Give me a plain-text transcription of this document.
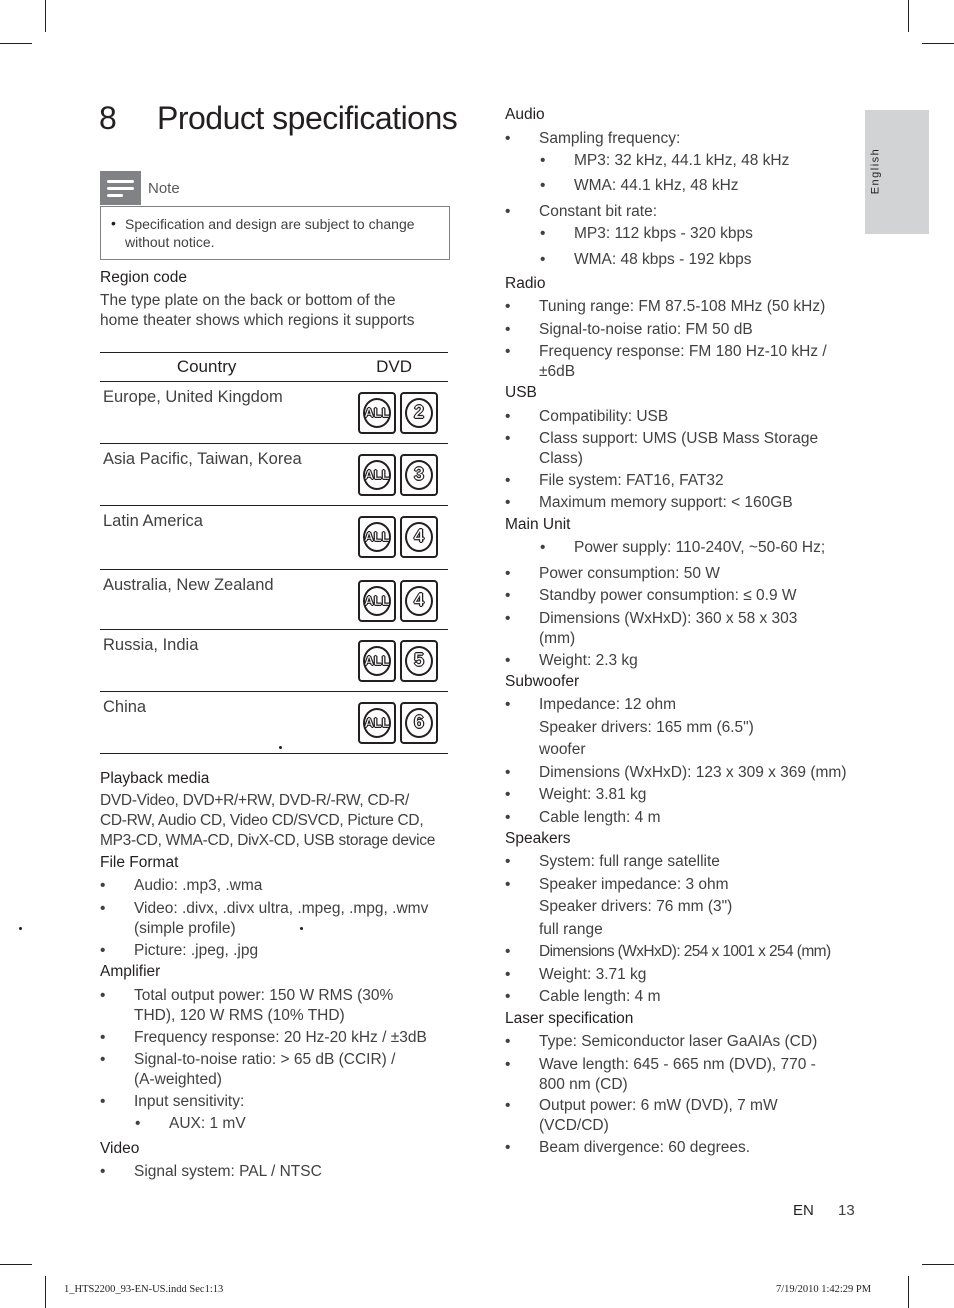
8 Product specifications
Note
• Specification and design are subject to change
without notice.
Region code
The type plate on the back or bottom of the
home theater shows which regions it supports
Country	DVD
Europe, United Kingdom	ALL 2

Asia Pacific, Taiwan, Korea	ALL 3

Latin America	ALL 4

Australia, New Zealand	ALL 4

Russia, India	ALL 5

China	ALL 6
Playback media
DVD-Video, DVD+R/+RW, DVD-R/-RW, CD-R/
CD-RW, Audio CD, Video CD/SVCD, Picture CD,
MP3-CD, WMA-CD, DivX-CD, USB storage device
File Format
• Audio: .mp3, .wma
• Video: .divx, .divx ultra, .mpeg, .mpg, .wmv
(simple profile)
• Picture: .jpeg, .jpg
Amplifier
• Total output power: 150 W RMS (30%
THD), 120 W RMS (10% THD)
• Frequency response: 20 Hz-20 kHz / ±3dB
• Signal-to-noise ratio: > 65 dB (CCIR) /
(A-weighted)
• Input sensitivity:
• AUX: 1 mV
Video
• Signal system: PAL / NTSC
Audio
• Sampling frequency:
• MP3: 32 kHz, 44.1 kHz, 48 kHz
• WMA: 44.1 kHz, 48 kHz
• Constant bit rate:
• MP3: 112 kbps - 320 kbps
• WMA: 48 kbps - 192 kbps
Radio
• Tuning range: FM 87.5-108 MHz (50 kHz)
• Signal-to-noise ratio: FM 50 dB
• Frequency response: FM 180 Hz-10 kHz /
±6dB
USB
• Compatibility: USB
• Class support: UMS (USB Mass Storage
Class)
• File system: FAT16, FAT32
• Maximum memory support: < 160GB
Main Unit
• Power supply: 110-240V, ~50-60 Hz;
• Power consumption: 50 W
• Standby power consumption: ≤ 0.9 W
• Dimensions (WxHxD): 360 x 58 x 303
(mm)
• Weight: 2.3 kg
Subwoofer
• Impedance: 12 ohm
Speaker drivers: 165 mm (6.5")
woofer
• Dimensions (WxHxD): 123 x 309 x 369 (mm)
• Weight: 3.81 kg
• Cable length: 4 m
Speakers
• System: full range satellite
• Speaker impedance: 3 ohm
Speaker drivers: 76 mm (3")
full range
• Dimensions (WxHxD): 254 x 1001 x 254 (mm)
• Weight: 3.71 kg
• Cable length: 4 m
Laser specification
• Type: Semiconductor laser GaAIAs (CD)
• Wave length: 645 - 665 nm (DVD), 770 -
800 nm (CD)
• Output power: 6 mW (DVD), 7 mW
(VCD/CD)
• Beam divergence: 60 degrees.
English
EN 13
1_HTS2200_93-EN-US.indd Sec1:13	7/19/2010 1:42:29 PM
